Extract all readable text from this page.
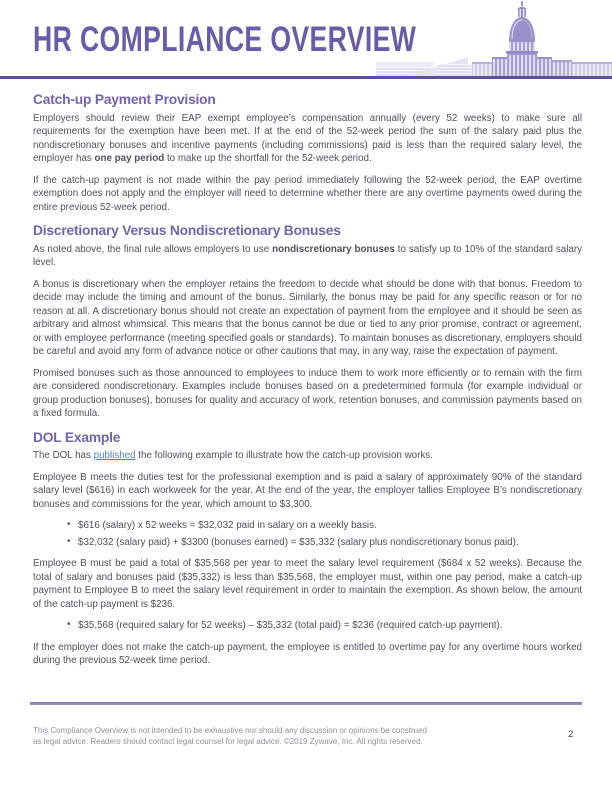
HR COMPLIANCE OVERVIEW
Catch-up Payment Provision

Employers should review their EAP exempt employee’s compensation annually (every 52 weeks) to make sure all requirements for the exemption have been met. If at the end of the 52-week period the sum of the salary paid plus the nondiscretionary bonuses and incentive payments (including commissions) paid is less than the required salary level, the employer has one pay period to make up the shortfall for the 52-week period.

If the catch-up payment is not made within the pay period immediately following the 52-week period, the EAP overtime exemption does not apply and the employer will need to determine whether there are any overtime payments owed during the entire previous 52-week period.

Discretionary Versus Nondiscretionary Bonuses

As noted above, the final rule allows employers to use nondiscretionary bonuses to satisfy up to 10% of the standard salary level.

A bonus is discretionary when the employer retains the freedom to decide what should be done with that bonus. Freedom to decide may include the timing and amount of the bonus. Similarly, the bonus may be paid for any specific reason or for no reason at all. A discretionary bonus should not create an expectation of payment from the employee and it should be seen as arbitrary and almost whimsical. This means that the bonus cannot be due or tied to any prior promise, contract or agreement, or with employee performance (meeting specified goals or standards). To maintain bonuses as discretionary, employers should be careful and avoid any form of advance notice or other cautions that may, in any way, raise the expectation of payment.

Promised bonuses such as those announced to employees to induce them to work more efficiently or to remain with the firm are considered nondiscretionary. Examples include bonuses based on a predetermined formula (for example individual or group production bonuses), bonuses for quality and accuracy of work, retention bonuses, and commission payments based on a fixed formula.

DOL Example

The DOL has published the following example to illustrate how the catch-up provision works.

Employee B meets the duties test for the professional exemption and is paid a salary of approximately 90% of the standard salary level ($616) in each workweek for the year. At the end of the year, the employer tallies Employee B’s nondiscretionary bonuses and commissions for the year, which amount to $3,300.

• $616 (salary) x 52 weeks = $32,032 paid in salary on a weekly basis.
• $32,032 (salary paid) + $3300 (bonuses earned) = $35,332 (salary plus nondiscretionary bonus paid).

Employee B must be paid a total of $35,568 per year to meet the salary level requirement ($684 x 52 weeks). Because the total of salary and bonuses paid ($35,332) is less than $35,568, the employer must, within one pay period, make a catch-up payment to Employee B to meet the salary level requirement in order to maintain the exemption. As shown below, the amount of the catch-up payment is $236.

• $35,568 (required salary for 52 weeks) – $35,332 (total paid) = $236 (required catch-up payment).

If the employer does not make the catch-up payment, the employee is entitled to overtime pay for any overtime hours worked during the previous 52-week time period.

This Compliance Overview is not intended to be exhaustive nor should any discussion or opinions be construed
as legal advice. Readers should contact legal counsel for legal advice. ©2019 Zywave, Inc. All rights reserved.
2
